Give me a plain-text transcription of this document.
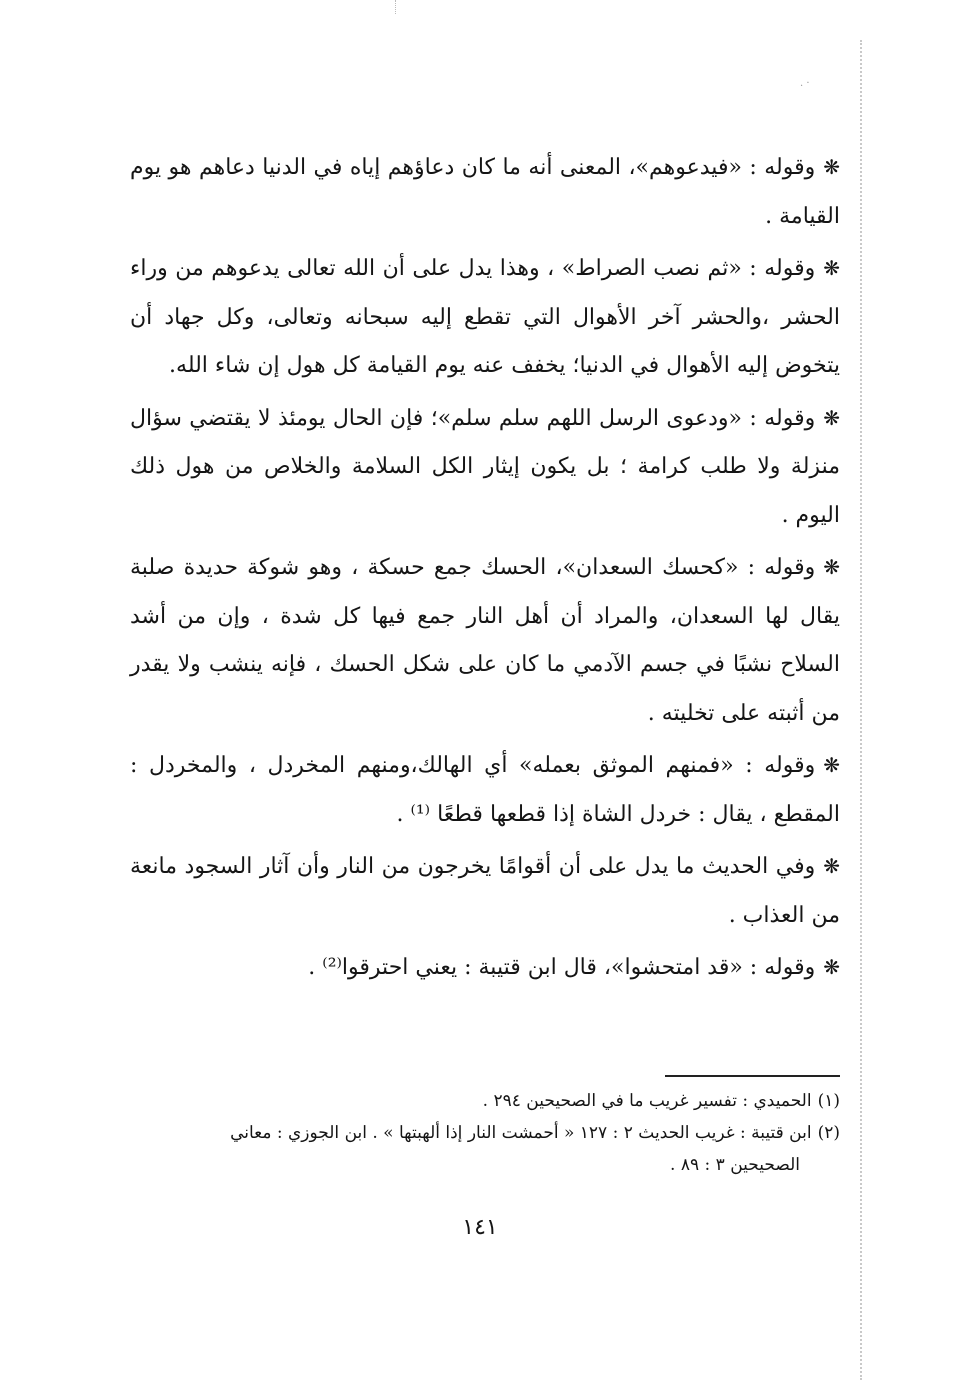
. ·

❋وقوله : «فيدعوهم»، المعنى أنه ما كان دعاؤهم إياه في الدنيا دعاهم هو يوم القيامة .

❋وقوله : «ثم نصب الصراط» ، وهذا يدل على أن الله تعالى يدعوهم من وراء الحشر ،والحشر آخر الأهوال التي تقطع إليه سبحانه وتعالى، وكل جهاد أن يتخوض إليه الأهوال في الدنيا؛ يخفف عنه يوم القيامة كل هول إن شاء الله.

❋وقوله : «ودعوى الرسل اللهم سلم سلم»؛ فإن الحال يومئذ لا يقتضي سؤال منزلة ولا طلب كرامة ؛ بل يكون إيثار الكل السلامة والخلاص من هول ذلك اليوم .

❋وقوله : «كحسك السعدان»، الحسك جمع حسكة ، وهو شوكة حديدة صلبة يقال لها السعدان، والمراد أن أهل النار جمع فيها كل شدة ، وإن من أشد السلاح نشبًا في جسم الآدمي ما كان على شكل الحسك ، فإنه ينشب ولا يقدر من أثبته على تخليته .

❋وقوله : «فمنهم الموثق بعمله» أي الهالك،ومنهم المخردل ، والمخردل : المقطع ، يقال : خردل الشاة إذا قطعها قطعًا ⁽¹⁾ .

❋وفي الحديث ما يدل على أن أقوامًا يخرجون من النار وأن آثار السجود مانعة من العذاب .

❋وقوله : «قد امتحشوا»، قال ابن قتيبة : يعني احترقوا⁽²⁾ .

(١)الحميدي : تفسير غريب ما في الصحيحين ٢٩٤ .

(٢)ابن قتيبة : غريب الحديث ٢ : ١٢٧ « أحمشت النار إذا ألهبتها » . ابن الجوزي : معاني

الصحيحين ٣ : ٨٩ .

١٤١
